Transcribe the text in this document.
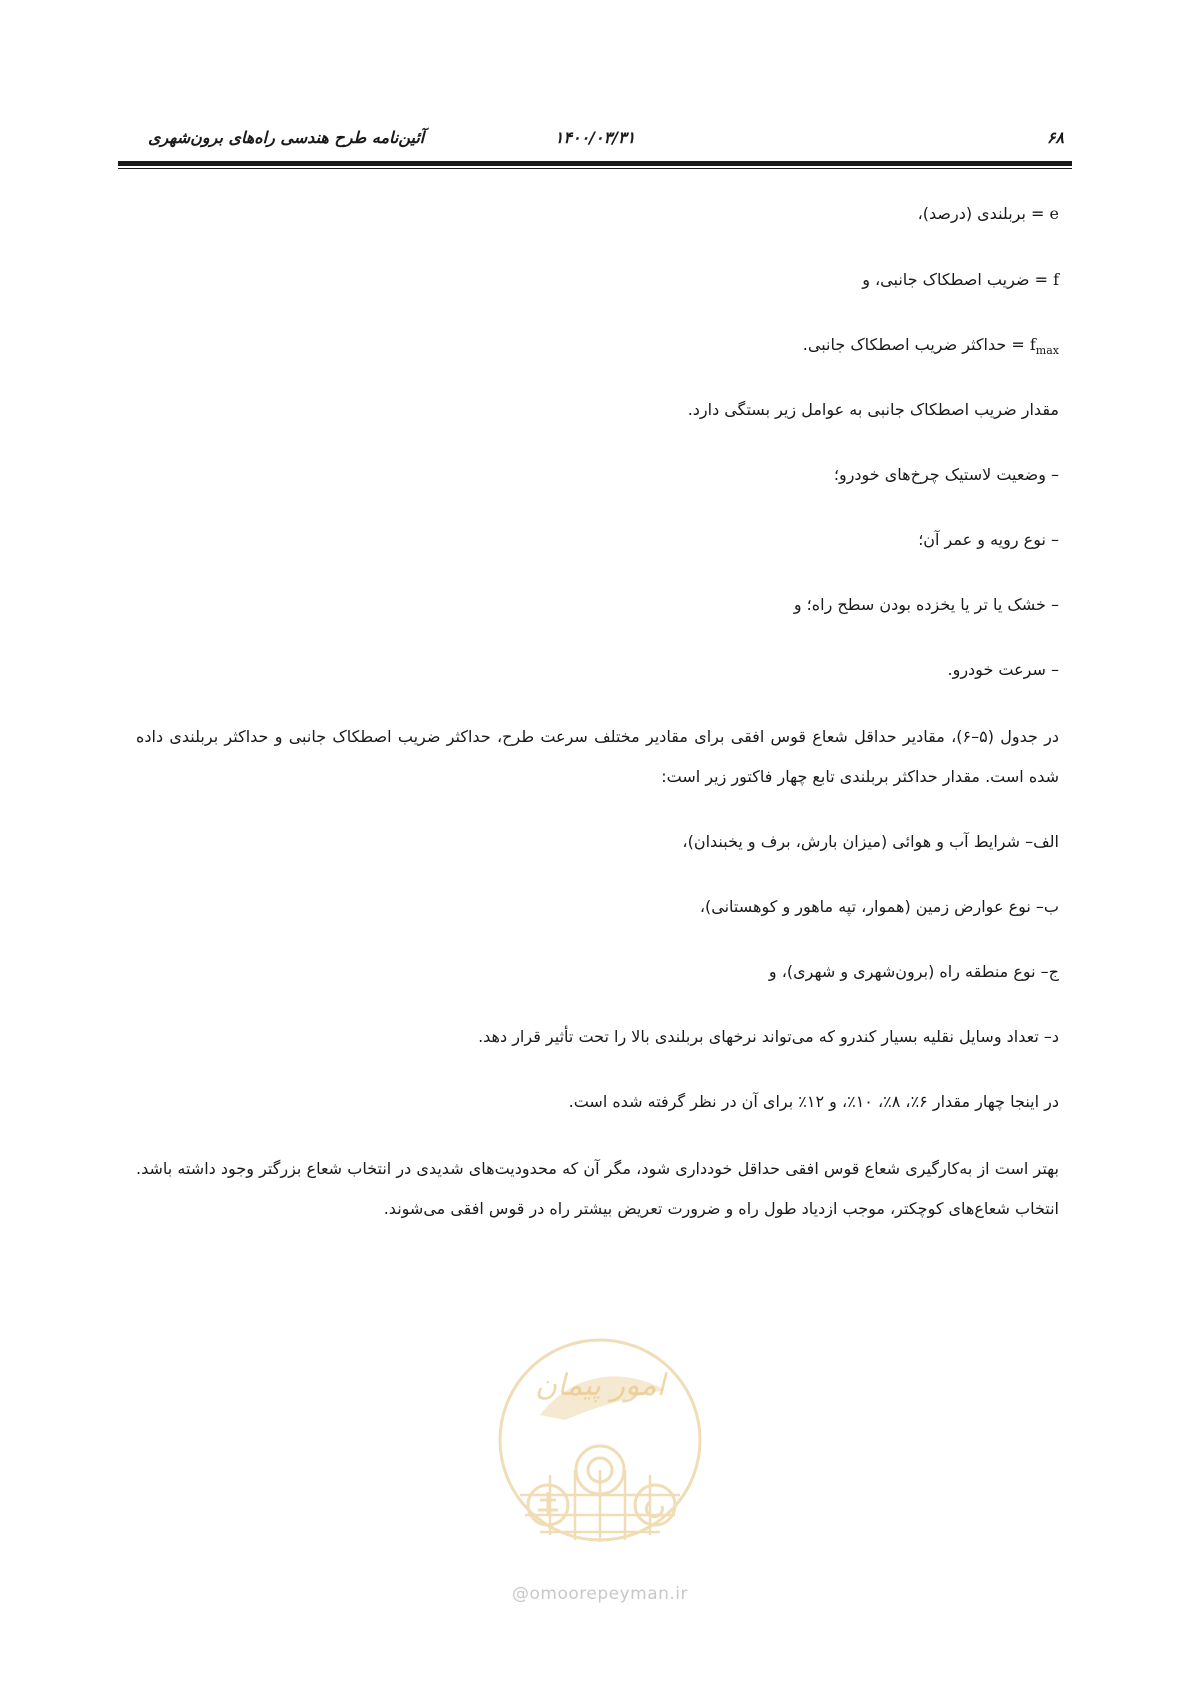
آئین‌نامه طرح هندسی راه‌های برون‌شهری	۱۴۰۰/۰۳/۳۱	۶۸
e = بربلندی (درصد)،
f = ضریب اصطکاک جانبی، و
$f_{max}$ = حداکثر ضریب اصطکاک جانبی.
مقدار ضریب اصطکاک جانبی به عوامل زیر بستگی دارد.
– وضعیت لاستیک چرخ‌های خودرو؛
– نوع رویه و عمر آن؛
– خشک یا تر یا یخزده بودن سطح راه؛ و
– سرعت خودرو.
در جدول (۵–۶)، مقادیر حداقل شعاع قوس افقی برای مقادیر مختلف سرعت طرح، حداکثر ضریب اصطکاک جانبی و حداکثر بربلندی داده شده است. مقدار حداکثر بربلندی تابع چهار فاکتور زیر است:
الف– شرایط آب و هوائی (میزان بارش، برف و یخبندان)،
ب– نوع عوارض زمین (هموار، تپه ماهور و کوهستانی)،
ج– نوع منطقه راه (برون‌شهری و شهری)، و
د– تعداد وسایل نقلیه بسیار کندرو که می‌تواند نرخهای بربلندی بالا را تحت تأثیر قرار دهد.
در اینجا چهار مقدار ۶٪، ۸٪، ۱۰٪، و ۱۲٪ برای آن در نظر گرفته شده است.
بهتر است از به‌کارگیری شعاع قوس افقی حداقل خودداری شود، مگر آن که محدودیت‌های شدیدی در انتخاب شعاع بزرگتر وجود داشته باشد. انتخاب شعاع‌های کوچکتر، موجب ازدیاد طول راه و ضرورت تعریض بیشتر راه در قوس افقی می‌شوند.
امور پیمان
@omoorepeyman.ir
